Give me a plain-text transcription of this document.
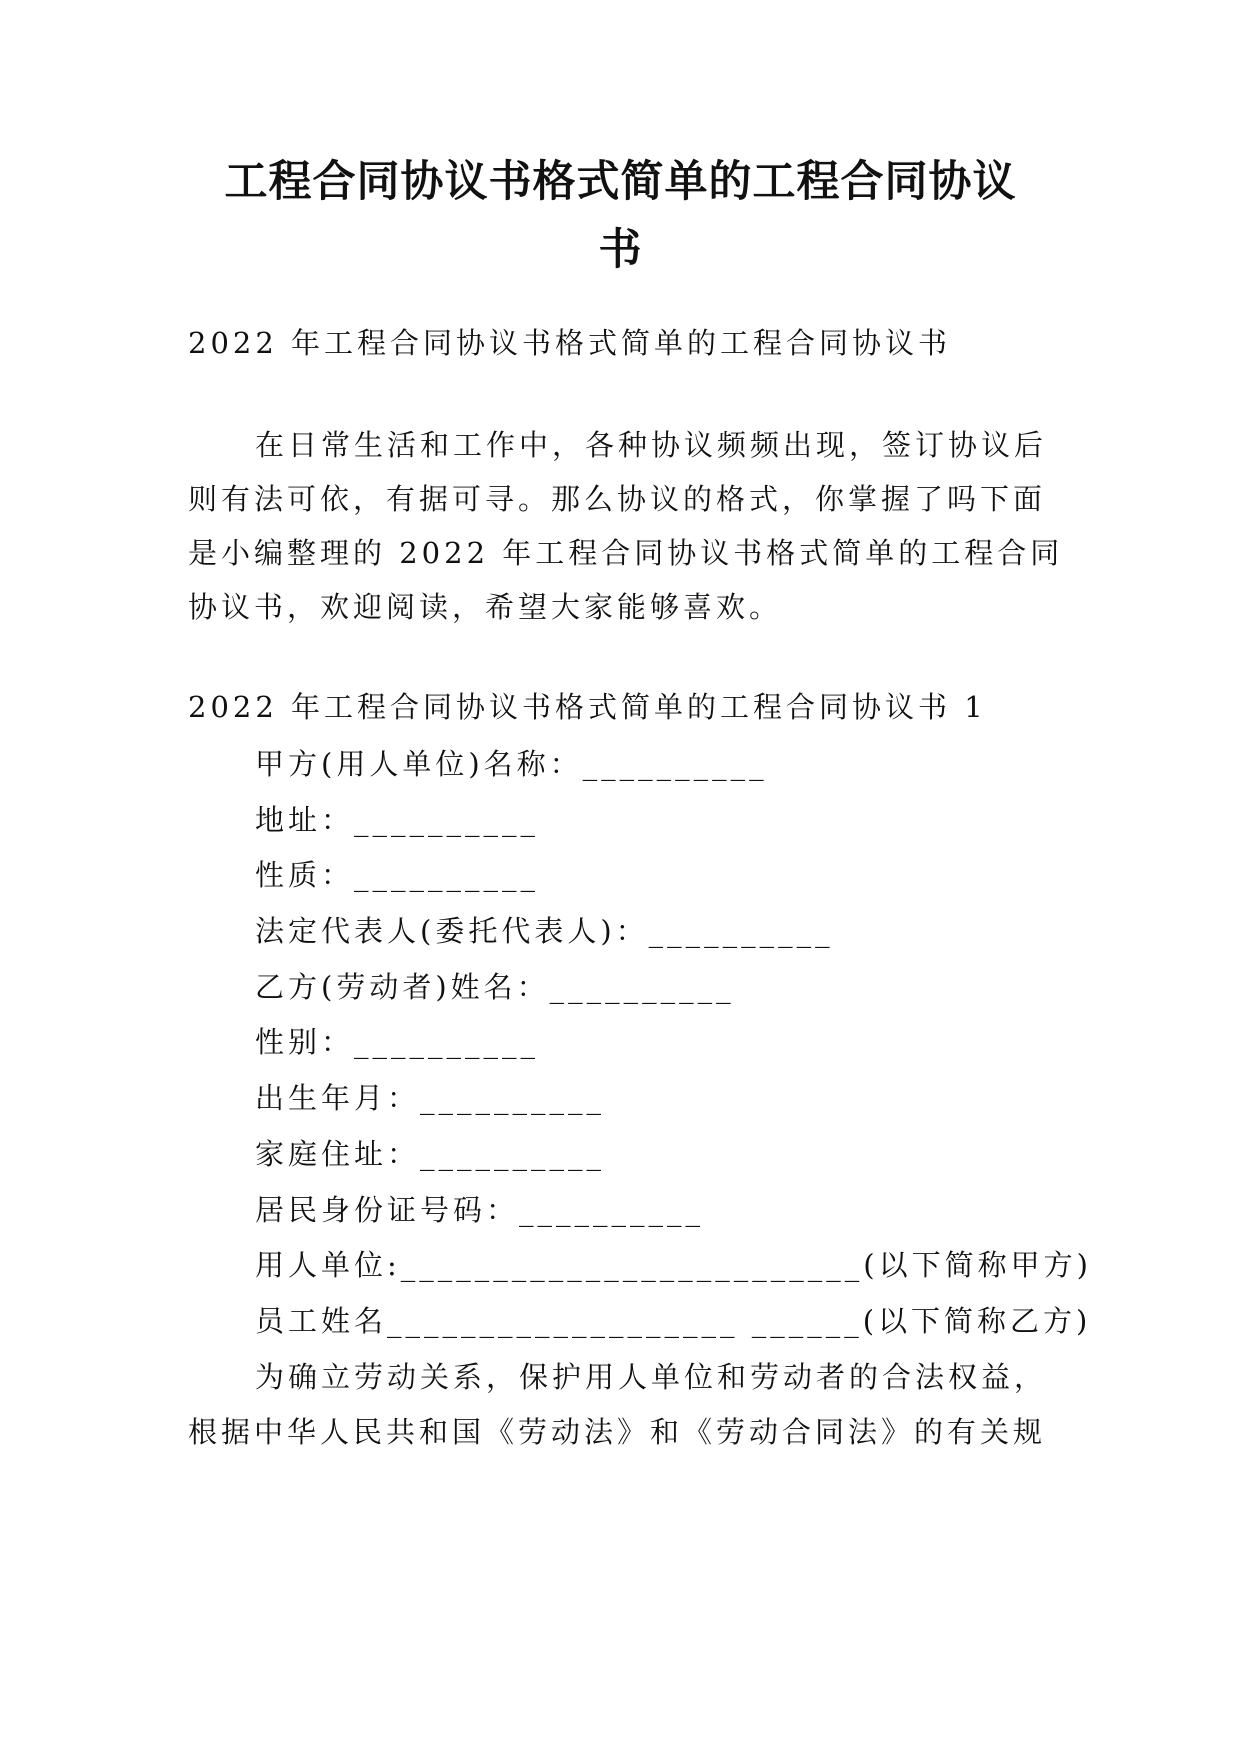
工程合同协议书格式简单的工程合同协议
书
2022 年工程合同协议书格式简单的工程合同协议书
在日常生活和工作中，各种协议频频出现，签订协议后
则有法可依，有据可寻。那么协议的格式，你掌握了吗下面
是小编整理的 2022 年工程合同协议书格式简单的工程合同
协议书，欢迎阅读，希望大家能够喜欢。
2022 年工程合同协议书格式简单的工程合同协议书 1
甲方(用人单位)名称：__________
地址：__________
性质：__________
法定代表人(委托代表人)：__________
乙方(劳动者)姓名：__________
性别：__________
出生年月：__________
家庭住址：__________
居民身份证号码：__________
用人单位:_________________________(以下简称甲方)
员工姓名___________________ ______(以下简称乙方)
为确立劳动关系，保护用人单位和劳动者的合法权益，
根据中华人民共和国《劳动法》和《劳动合同法》的有关规
